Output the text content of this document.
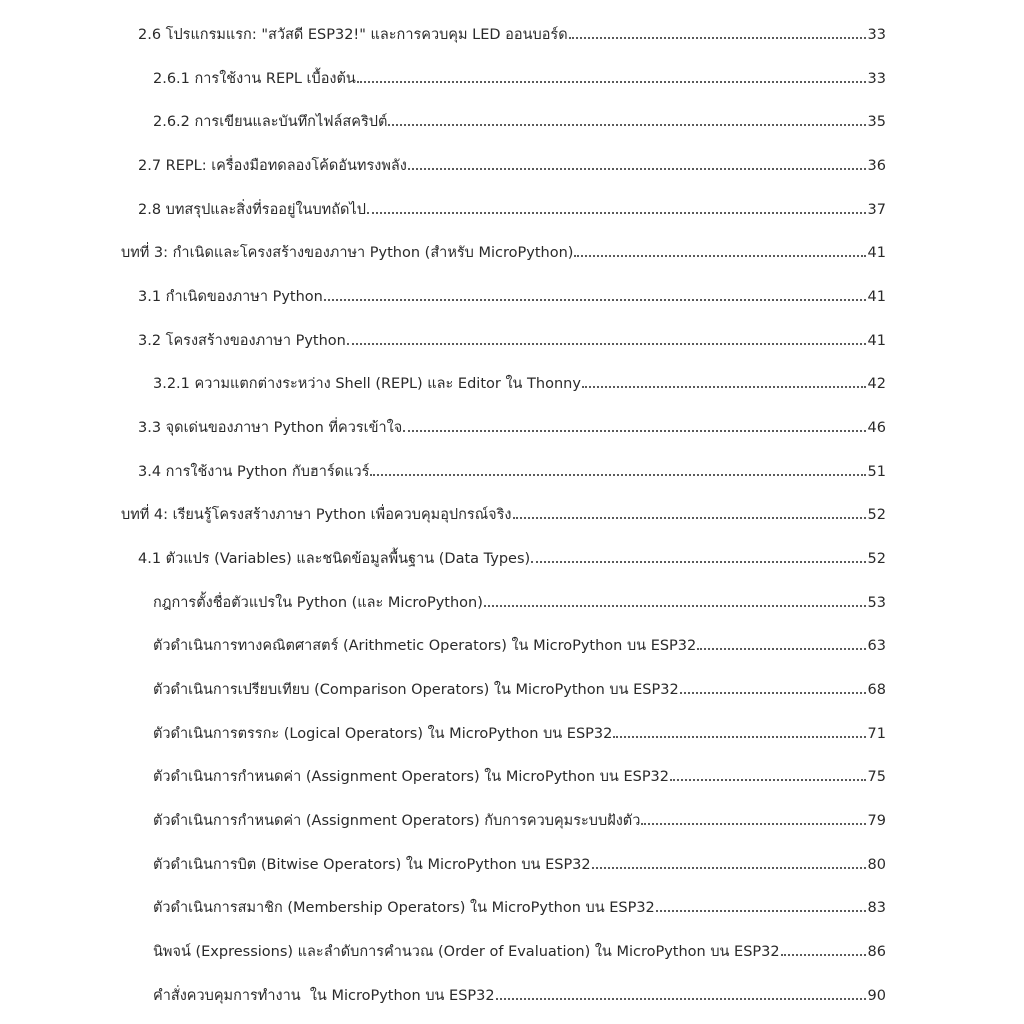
2.6 โปรแกรมแรก: "สวัสดี ESP32!" และการควบคุม LED ออนบอร์ด	33
2.6.1 การใช้งาน REPL เบื้องต้น	33
2.6.2 การเขียนและบันทึกไฟล์สคริปต์	35
2.7 REPL: เครื่องมือทดลองโค้ดอันทรงพลัง	36
2.8 บทสรุปและสิ่งที่รออยู่ในบทถัดไป	37
บทที่ 3: กำเนิดและโครงสร้างของภาษา Python (สำหรับ MicroPython)	41
3.1 กำเนิดของภาษา Python	41
3.2 โครงสร้างของภาษา Python	41
3.2.1 ความแตกต่างระหว่าง Shell (REPL) และ Editor ใน Thonny	42
3.3 จุดเด่นของภาษา Python ที่ควรเข้าใจ	46
3.4 การใช้งาน Python กับฮาร์ดแวร์	51
บทที่ 4: เรียนรู้โครงสร้างภาษา Python เพื่อควบคุมอุปกรณ์จริง	52
4.1 ตัวแปร (Variables) และชนิดข้อมูลพื้นฐาน (Data Types)	52
กฎการตั้งชื่อตัวแปรใน Python (และ MicroPython)	53
ตัวดำเนินการทางคณิตศาสตร์ (Arithmetic Operators) ใน MicroPython บน ESP32	63
ตัวดำเนินการเปรียบเทียบ (Comparison Operators) ใน MicroPython บน ESP32	68
ตัวดำเนินการตรรกะ (Logical Operators) ใน MicroPython บน ESP32	71
ตัวดำเนินการกำหนดค่า (Assignment Operators) ใน MicroPython บน ESP32	75
ตัวดำเนินการกำหนดค่า (Assignment Operators) กับการควบคุมระบบฝังตัว	79
ตัวดำเนินการบิต (Bitwise Operators) ใน MicroPython บน ESP32	80
ตัวดำเนินการสมาชิก (Membership Operators) ใน MicroPython บน ESP32	83
นิพจน์ (Expressions) และลำดับการคำนวณ (Order of Evaluation) ใน MicroPython บน ESP32	86
คำสั่งควบคุมการทำงาน  ใน MicroPython บน ESP32	90
